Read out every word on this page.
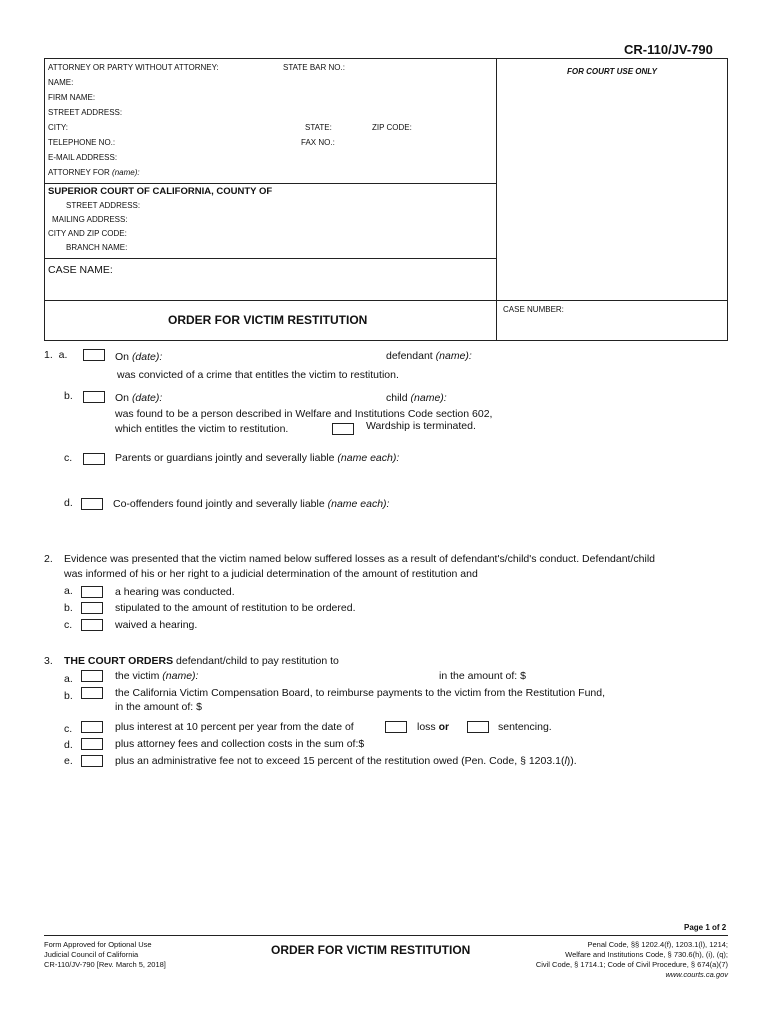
CR-110/JV-790
ATTORNEY OR PARTY WITHOUT ATTORNEY:	STATE BAR NO.:	FOR COURT USE ONLY
NAME:
FIRM NAME:
STREET ADDRESS:
CITY:	STATE:	ZIP CODE:
TELEPHONE NO.:	FAX NO.:
E-MAIL ADDRESS:
ATTORNEY FOR (name):
SUPERIOR COURT OF CALIFORNIA, COUNTY OF
STREET ADDRESS:
MAILING ADDRESS:
CITY AND ZIP CODE:
BRANCH NAME:
CASE NAME:
CASE NUMBER:
ORDER FOR VICTIM RESTITUTION
1. a.	On (date):	defendant (name):
was convicted of a crime that entitles the victim to restitution.
b.	On (date):	child (name):
was found to be a person described in Welfare and Institutions Code section 602,
which entitles the victim to restitution.	Wardship is terminated.
c.	Parents or guardians jointly and severally liable (name each):
d.	Co-offenders found jointly and severally liable (name each):
2. Evidence was presented that the victim named below suffered losses as a result of defendant's/child's conduct. Defendant/child
was informed of his or her right to a judicial determination of the amount of restitution and
a.	a hearing was conducted.
b.	stipulated to the amount of restitution to be ordered.
c.	waived a hearing.
3. THE COURT ORDERS defendant/child to pay restitution to
a.	the victim (name):	in the amount of: $
b.	the California Victim Compensation Board, to reimburse payments to the victim from the Restitution Fund,
in the amount of: $
c.	plus interest at 10 percent per year from the date of	loss or	sentencing.
d.	plus attorney fees and collection costs in the sum of:$
e.	plus an administrative fee not to exceed 15 percent of the restitution owed (Pen. Code, § 1203.1(l)).
Page 1 of 2
Form Approved for Optional Use
Judicial Council of California
CR-110/JV-790 [Rev. March 5, 2018]
ORDER FOR VICTIM RESTITUTION	Penal Code, §§ 1202.4(f), 1203.1(l), 1214;
Welfare and Institutions Code, § 730.6(h), (i), (q);
Civil Code, § 1714.1; Code of Civil Procedure, § 674(a)(7)
www.courts.ca.gov
